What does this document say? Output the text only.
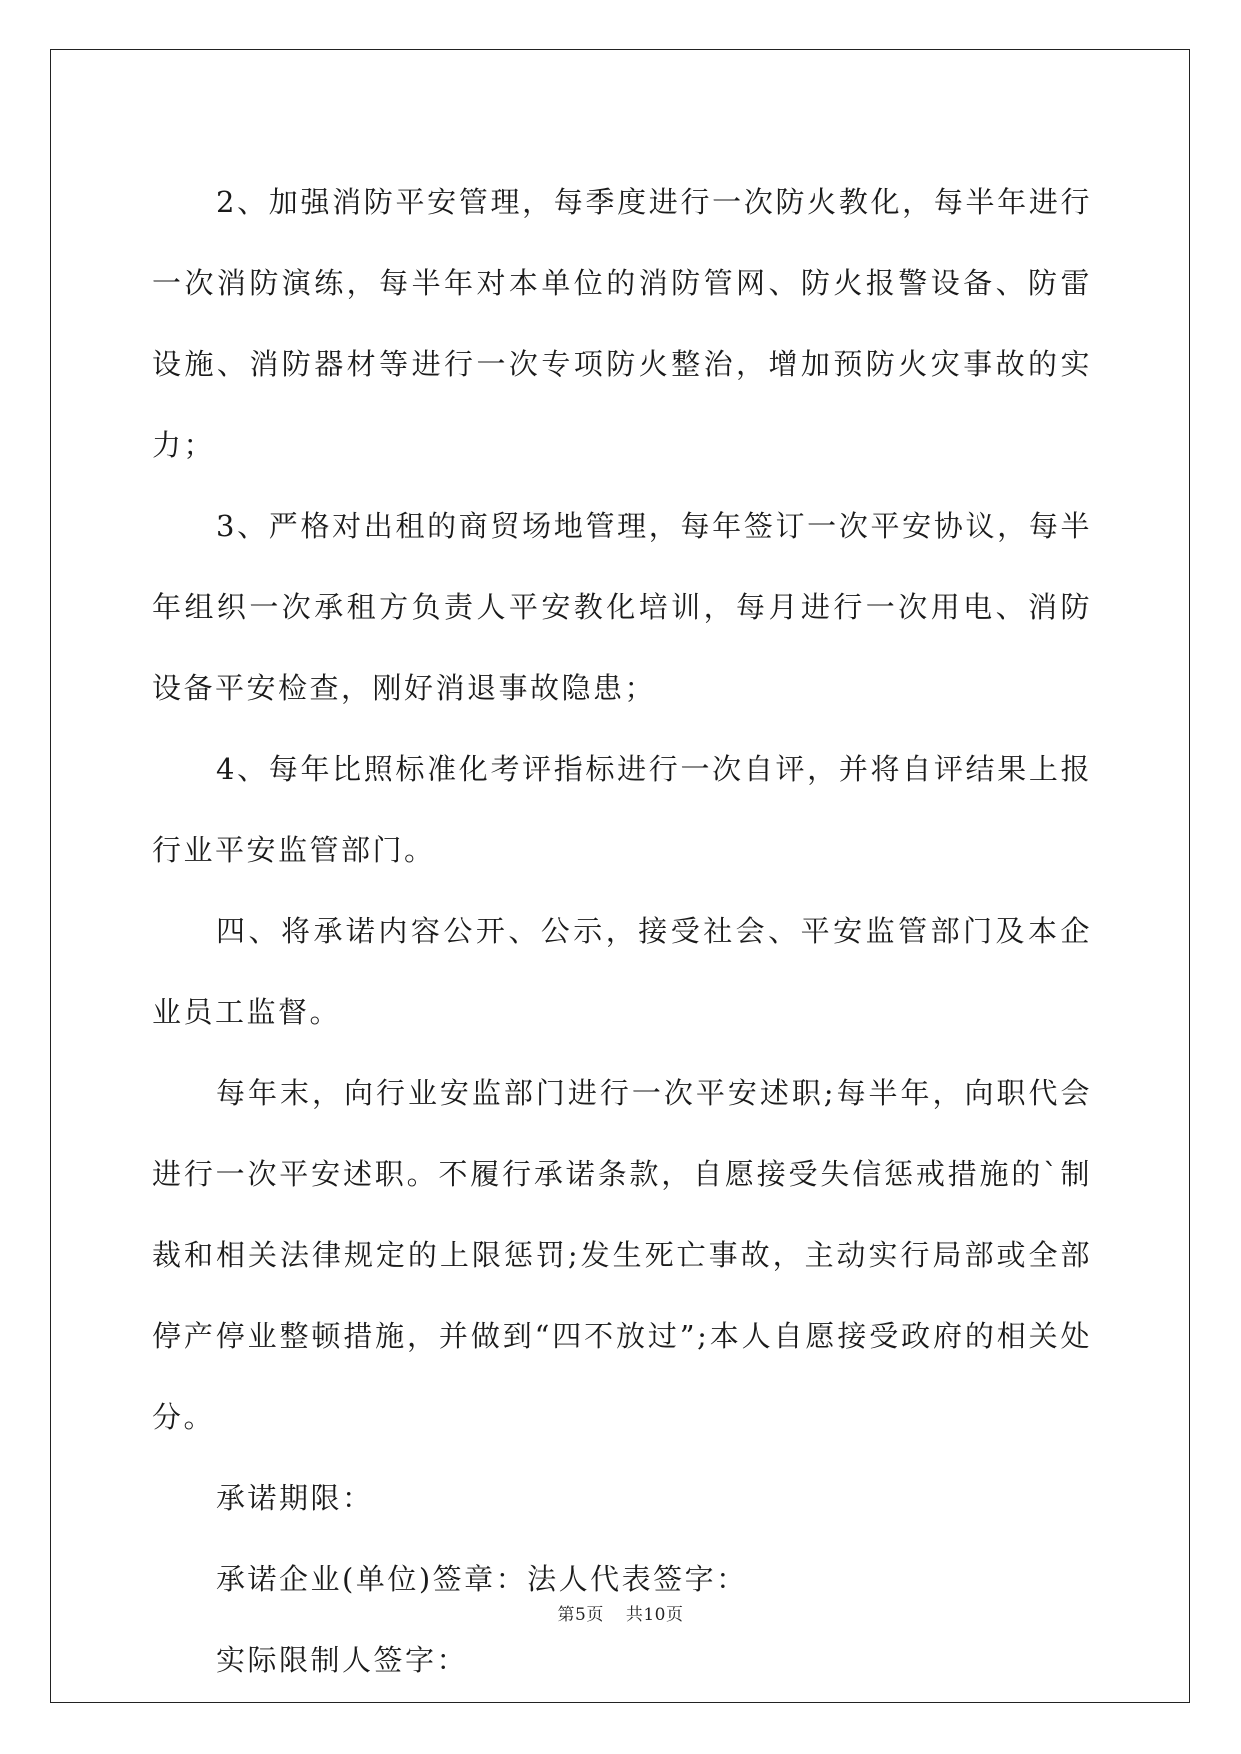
2、加强消防平安管理，每季度进行一次防火教化，每半年进行一次消防演练，每半年对本单位的消防管网、防火报警设备、防雷设施、消防器材等进行一次专项防火整治，增加预防火灾事故的实力；

3、严格对出租的商贸场地管理，每年签订一次平安协议，每半年组织一次承租方负责人平安教化培训，每月进行一次用电、消防设备平安检查，刚好消退事故隐患；

4、每年比照标准化考评指标进行一次自评，并将自评结果上报行业平安监管部门。

四、将承诺内容公开、公示，接受社会、平安监管部门及本企业员工监督。

每年末，向行业安监部门进行一次平安述职;每半年，向职代会进行一次平安述职。不履行承诺条款，自愿接受失信惩戒措施的`制裁和相关法律规定的上限惩罚;发生死亡事故，主动实行局部或全部停产停业整顿措施，并做到“四不放过”;本人自愿接受政府的相关处分。

承诺期限：

承诺企业(单位)签章：法人代表签字：

实际限制人签字：

第5页 共10页
